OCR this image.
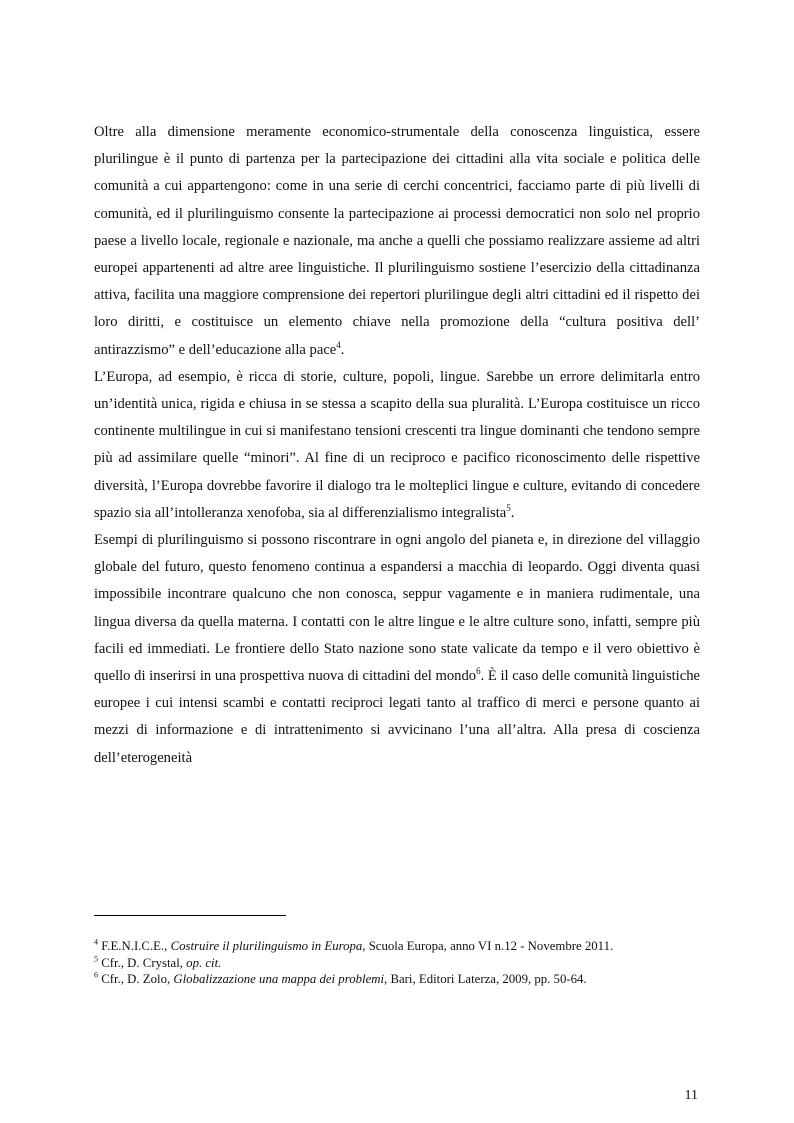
Oltre alla dimensione meramente economico-strumentale della conoscenza linguistica, essere plurilingue è il punto di partenza per la partecipazione dei cittadini alla vita sociale e politica delle comunità a cui appartengono: come in una serie di cerchi concentrici, facciamo parte di più livelli di comunità, ed il plurilinguismo consente la partecipazione ai processi democratici non solo nel proprio paese a livello locale, regionale e nazionale, ma anche a quelli che possiamo realizzare assieme ad altri europei appartenenti ad altre aree linguistiche. Il plurilinguismo sostiene l’esercizio della cittadinanza attiva, facilita una maggiore comprensione dei repertori plurilingue degli altri cittadini ed il rispetto dei loro diritti, e costituisce un elemento chiave nella promozione della “cultura positiva dell’ antirazzismo” e dell’educazione alla pace$^4$.

L’Europa, ad esempio, è ricca di storie, culture, popoli, lingue. Sarebbe un errore delimitarla entro un’identità unica, rigida e chiusa in se stessa a scapito della sua pluralità. L’Europa costituisce un ricco continente multilingue in cui si manifestano tensioni crescenti tra lingue dominanti che tendono sempre più ad assimilare quelle “minori”. Al fine di un reciproco e pacifico riconoscimento delle rispettive diversità, l’Europa dovrebbe favorire il dialogo tra le molteplici lingue e culture, evitando di concedere spazio sia all’intolleranza xenofoba, sia al differenzialismo integralista$^5$.

Esempi di plurilinguismo si possono riscontrare in ogni angolo del pianeta e, in direzione del villaggio globale del futuro, questo fenomeno continua a espandersi a macchia di leopardo. Oggi diventa quasi impossibile incontrare qualcuno che non conosca, seppur vagamente e in maniera rudimentale, una lingua diversa da quella materna. I contatti con le altre lingue e le altre culture sono, infatti, sempre più facili ed immediati. Le frontiere dello Stato nazione sono state valicate da tempo e il vero obiettivo è quello di inserirsi in una prospettiva nuova di cittadini del mondo$^6$. È il caso delle comunità linguistiche europee i cui intensi scambi e contatti reciproci legati tanto al traffico di merci e persone quanto ai mezzi di informazione e di intrattenimento si avvicinano l’una all’altra. Alla presa di coscienza dell’eterogeneità

$^4$ F.E.N.I.C.E., Costruire il plurilinguismo in Europa, Scuola Europa, anno VI n.12 - Novembre 2011.

$^5$ Cfr., D. Crystal, op. cit.

$^6$ Cfr., D. Zolo, Globalizzazione una mappa dei problemi, Bari, Editori Laterza, 2009, pp. 50-64.

11
